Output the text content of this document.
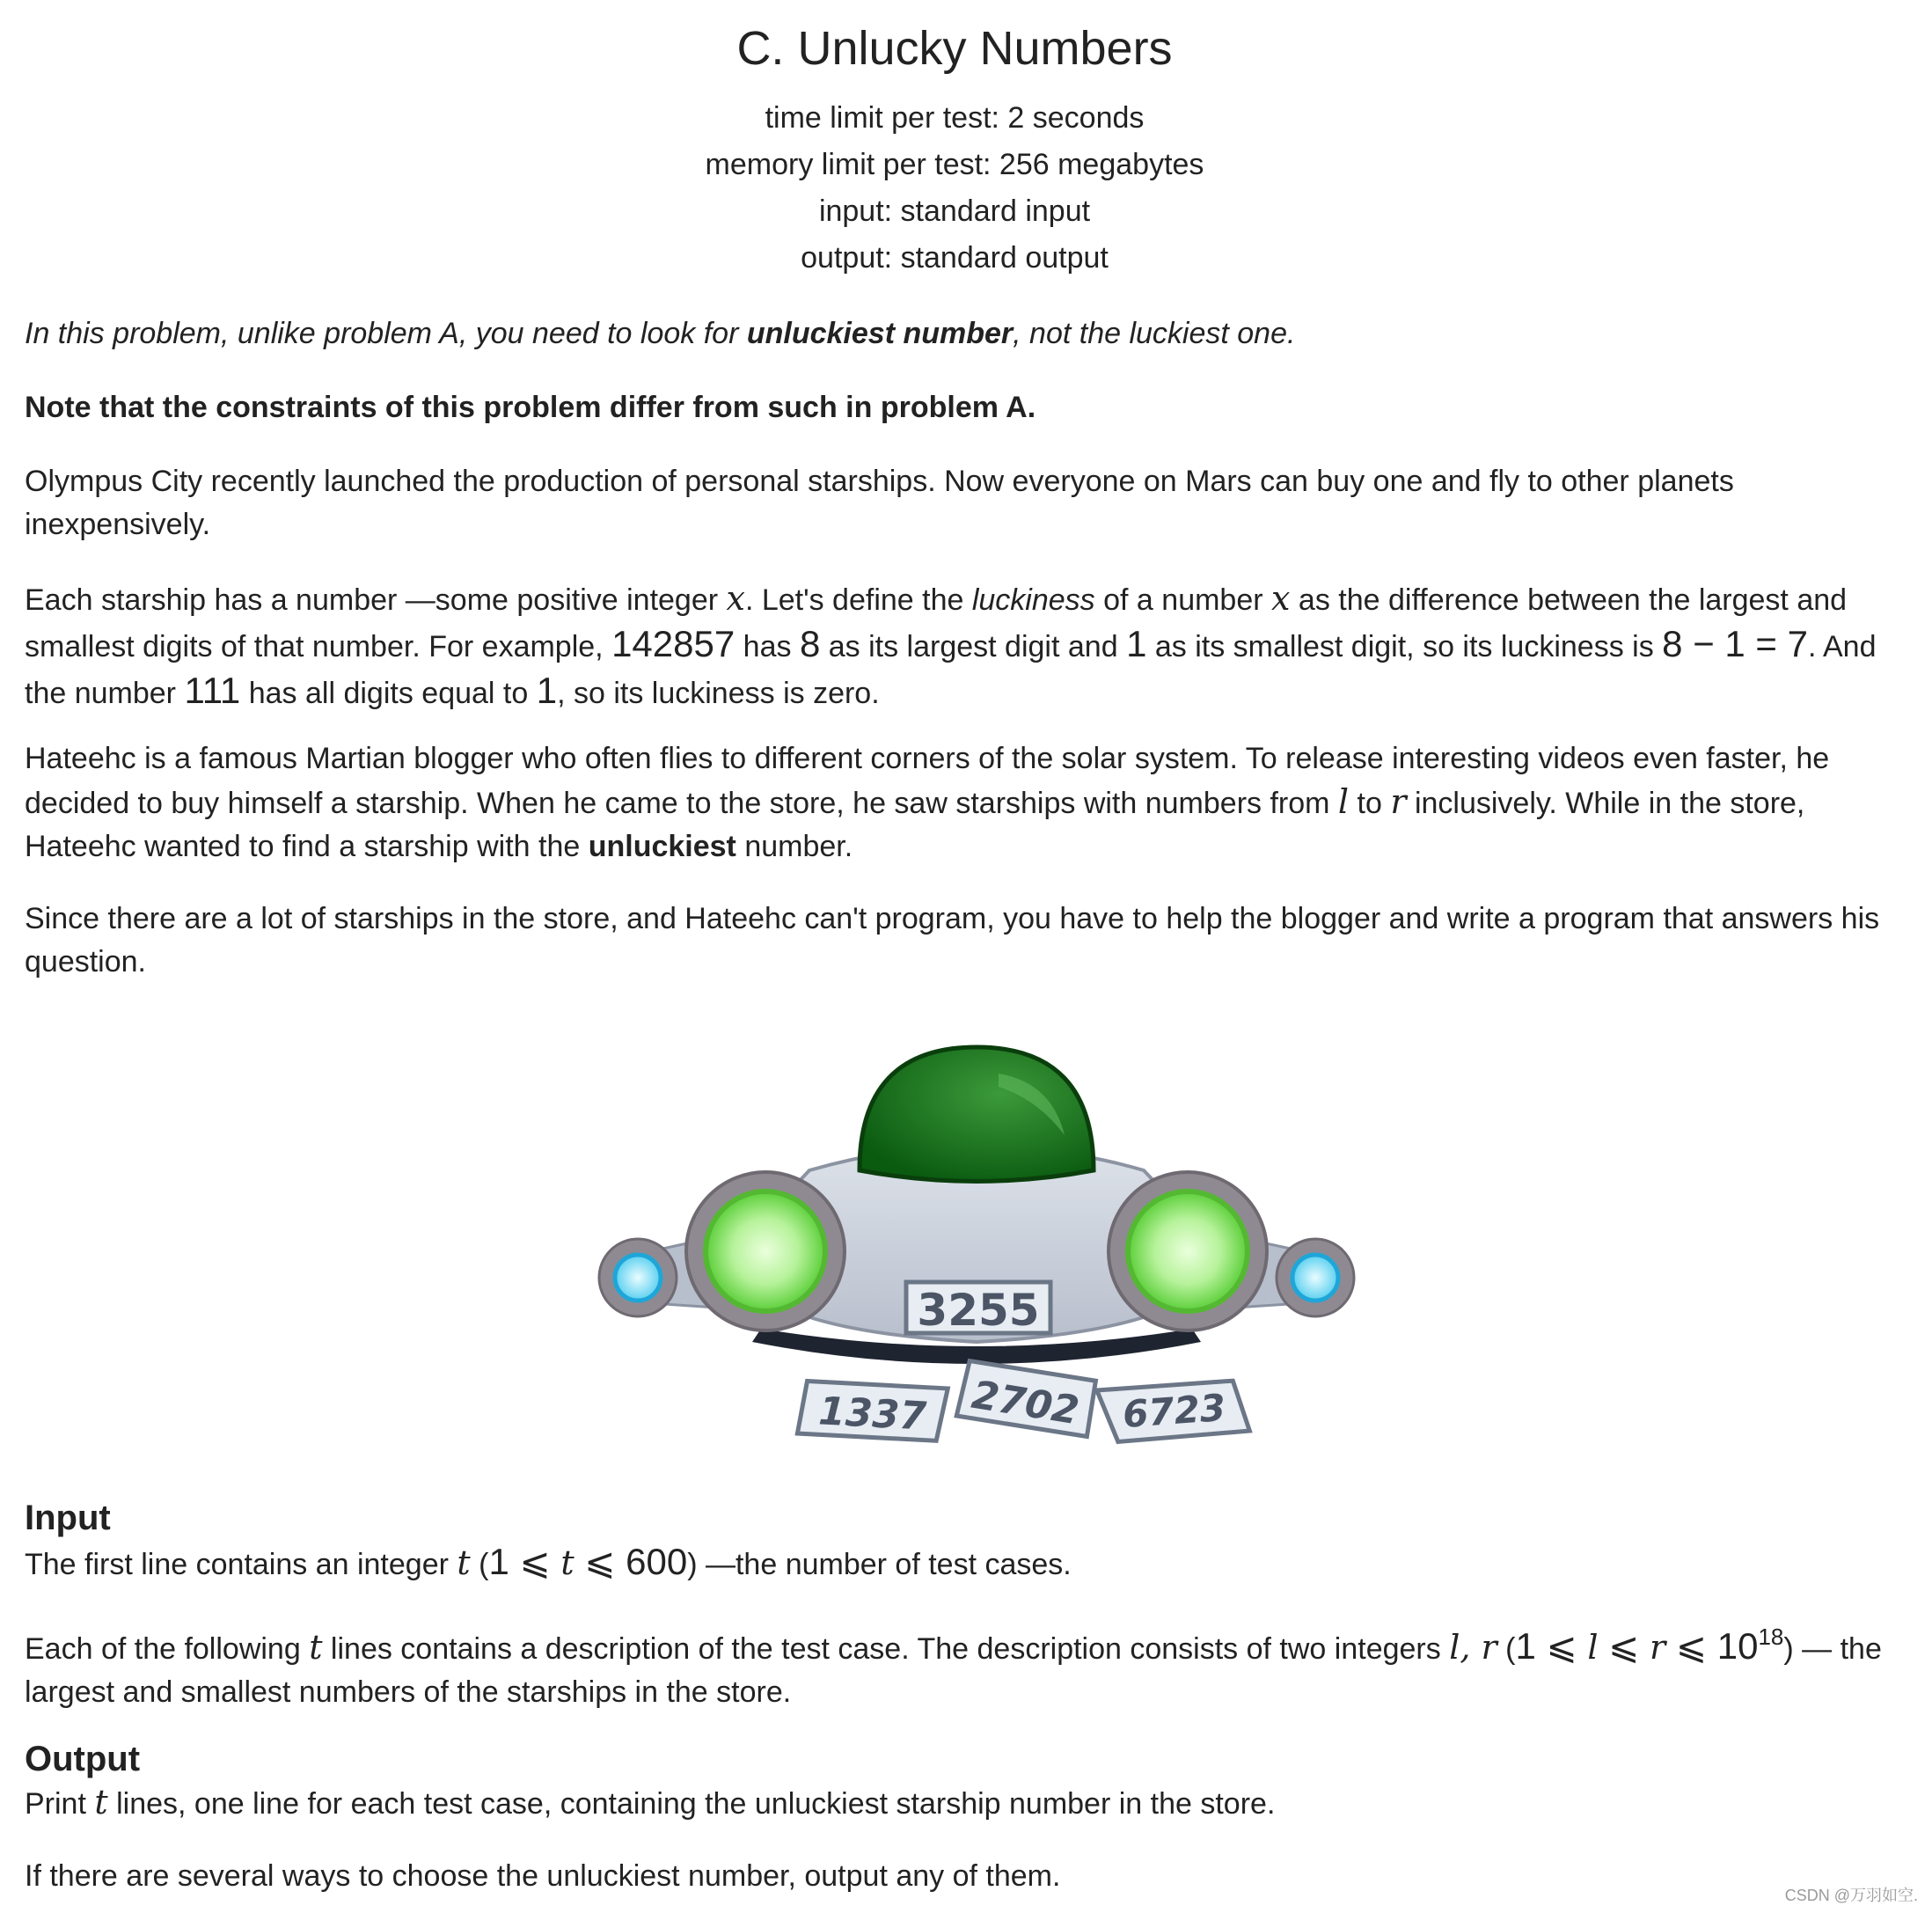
C. Unlucky Numbers
time limit per test: 2 seconds
memory limit per test: 256 megabytes
input: standard input
output: standard output
In this problem, unlike problem A, you need to look for unluckiest number, not the luckiest one.
Note that the constraints of this problem differ from such in problem A.
Olympus City recently launched the production of personal starships. Now everyone on Mars can buy one and fly to other planets inexpensively.
Each starship has a number —some positive integer x. Let's define the luckiness of a number x as the difference between the largest and smallest digits of that number. For example, 142857 has 8 as its largest digit and 1 as its smallest digit, so its luckiness is 8 − 1 = 7. And the number 111 has all digits equal to 1, so its luckiness is zero.
Hateehc is a famous Martian blogger who often flies to different corners of the solar system. To release interesting videos even faster, he decided to buy himself a starship. When he came to the store, he saw starships with numbers from l to r inclusively. While in the store, Hateehc wanted to find a starship with the unluckiest number.
Since there are a lot of starships in the store, and Hateehc can't program, you have to help the blogger and write a program that answers his question.
3255
1337 2702 6723
Input
The first line contains an integer t (1 ⩽ t ⩽ 600) —the number of test cases.
Each of the following t lines contains a description of the test case. The description consists of two integers l, r (1 ⩽ l ⩽ r ⩽ $10^{18}$) — the largest and smallest numbers of the starships in the store.
Output
Print t lines, one line for each test case, containing the unluckiest starship number in the store.
If there are several ways to choose the unluckiest number, output any of them.
CSDN @万羽如空.
